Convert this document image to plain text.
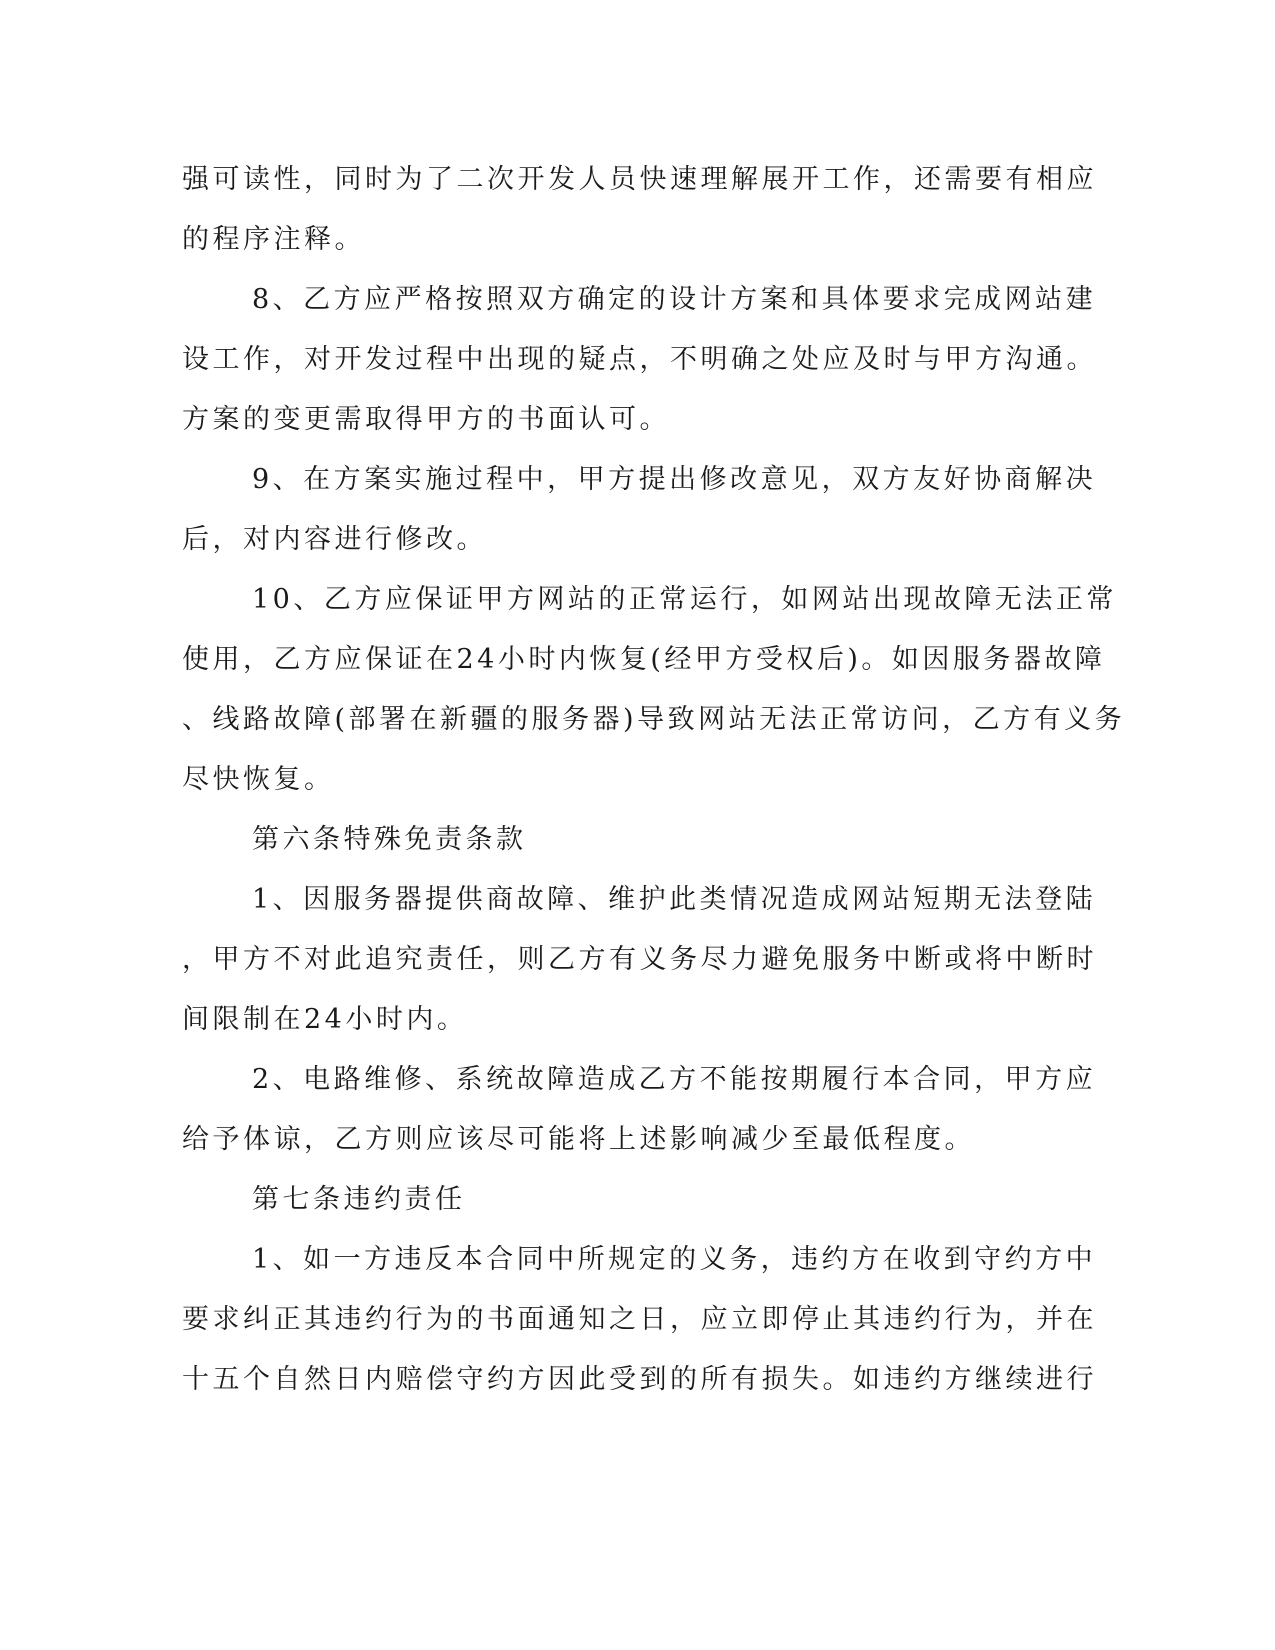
强可读性，同时为了二次开发人员快速理解展开工作，还需要有相应
的程序注释。
8、乙方应严格按照双方确定的设计方案和具体要求完成网站建
设工作，对开发过程中出现的疑点，不明确之处应及时与甲方沟通。
方案的变更需取得甲方的书面认可。
9、在方案实施过程中，甲方提出修改意见，双方友好协商解决
后，对内容进行修改。
10、乙方应保证甲方网站的正常运行，如网站出现故障无法正常
使用，乙方应保证在24小时内恢复(经甲方受权后)。如因服务器故障
、线路故障(部署在新疆的服务器)导致网站无法正常访问，乙方有义务
尽快恢复。
第六条特殊免责条款
1、因服务器提供商故障、维护此类情况造成网站短期无法登陆
，甲方不对此追究责任，则乙方有义务尽力避免服务中断或将中断时
间限制在24小时内。
2、电路维修、系统故障造成乙方不能按期履行本合同，甲方应
给予体谅，乙方则应该尽可能将上述影响减少至最低程度。
第七条违约责任
1、如一方违反本合同中所规定的义务，违约方在收到守约方中
要求纠正其违约行为的书面通知之日，应立即停止其违约行为，并在
十五个自然日内赔偿守约方因此受到的所有损失。如违约方继续进行
